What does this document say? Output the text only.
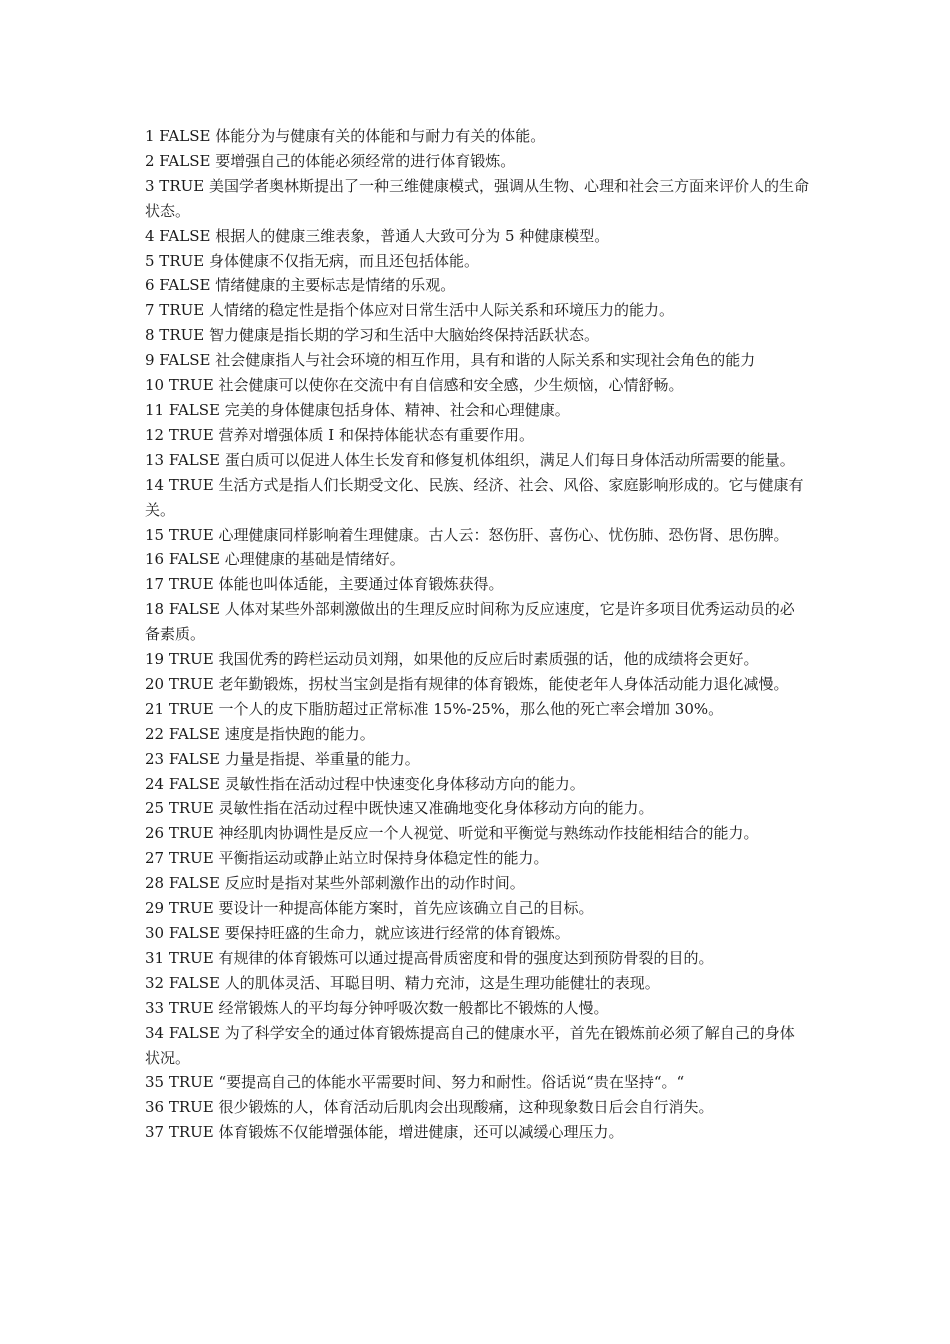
1 FALSE 体能分为与健康有关的体能和与耐力有关的体能。

2 FALSE 要增强自己的体能必须经常的进行体育锻炼。

3 TRUE 美国学者奥林斯提出了一种三维健康模式，强调从生物、心理和社会三方面来评价人的生命状态。

4 FALSE 根据人的健康三维表象，普通人大致可分为 5 种健康模型。

5 TRUE 身体健康不仅指无病，而且还包括体能。

6 FALSE 情绪健康的主要标志是情绪的乐观。

7 TRUE 人情绪的稳定性是指个体应对日常生活中人际关系和环境压力的能力。

8 TRUE 智力健康是指长期的学习和生活中大脑始终保持活跃状态。

9 FALSE 社会健康指人与社会环境的相互作用，具有和谐的人际关系和实现社会角色的能力

10 TRUE 社会健康可以使你在交流中有自信感和安全感，少生烦恼，心情舒畅。

11 FALSE 完美的身体健康包括身体、精神、社会和心理健康。

12 TRUE 营养对增强体质 I 和保持体能状态有重要作用。

13 FALSE 蛋白质可以促进人体生长发育和修复机体组织，满足人们每日身体活动所需要的能量。

14 TRUE 生活方式是指人们长期受文化、民族、经济、社会、风俗、家庭影响形成的。它与健康有关。

15 TRUE 心理健康同样影响着生理健康。古人云：怒伤肝、喜伤心、忧伤肺、恐伤肾、思伤脾。

16 FALSE 心理健康的基础是情绪好。

17 TRUE 体能也叫体适能，主要通过体育锻炼获得。

18 FALSE 人体对某些外部刺激做出的生理反应时间称为反应速度，它是许多项目优秀运动员的必备素质。

19 TRUE 我国优秀的跨栏运动员刘翔，如果他的反应后时素质强的话，他的成绩将会更好。

20 TRUE 老年勤锻炼，拐杖当宝剑是指有规律的体育锻炼，能使老年人身体活动能力退化减慢。

21 TRUE 一个人的皮下脂肪超过正常标准 15%-25%，那么他的死亡率会增加 30%。

22 FALSE 速度是指快跑的能力。

23 FALSE 力量是指提、举重量的能力。

24 FALSE 灵敏性指在活动过程中快速变化身体移动方向的能力。

25 TRUE 灵敏性指在活动过程中既快速又准确地变化身体移动方向的能力。

26 TRUE 神经肌肉协调性是反应一个人视觉、听觉和平衡觉与熟练动作技能相结合的能力。

27 TRUE 平衡指运动或静止站立时保持身体稳定性的能力。

28 FALSE 反应时是指对某些外部刺激作出的动作时间。

29 TRUE 要设计一种提高体能方案时，首先应该确立自己的目标。

30 FALSE 要保持旺盛的生命力，就应该进行经常的体育锻炼。

31 TRUE 有规律的体育锻炼可以通过提高骨质密度和骨的强度达到预防骨裂的目的。

32 FALSE 人的肌体灵活、耳聪目明、精力充沛，这是生理功能健壮的表现。

33 TRUE 经常锻炼人的平均每分钟呼吸次数一般都比不锻炼的人慢。

34 FALSE 为了科学安全的通过体育锻炼提高自己的健康水平，首先在锻炼前必须了解自己的身体状况。

35 TRUE “要提高自己的体能水平需要时间、努力和耐性。俗话说“贵在坚持“。“

36 TRUE 很少锻炼的人，体育活动后肌肉会出现酸痛，这种现象数日后会自行消失。

37 TRUE 体育锻炼不仅能增强体能，增进健康，还可以减缓心理压力。
